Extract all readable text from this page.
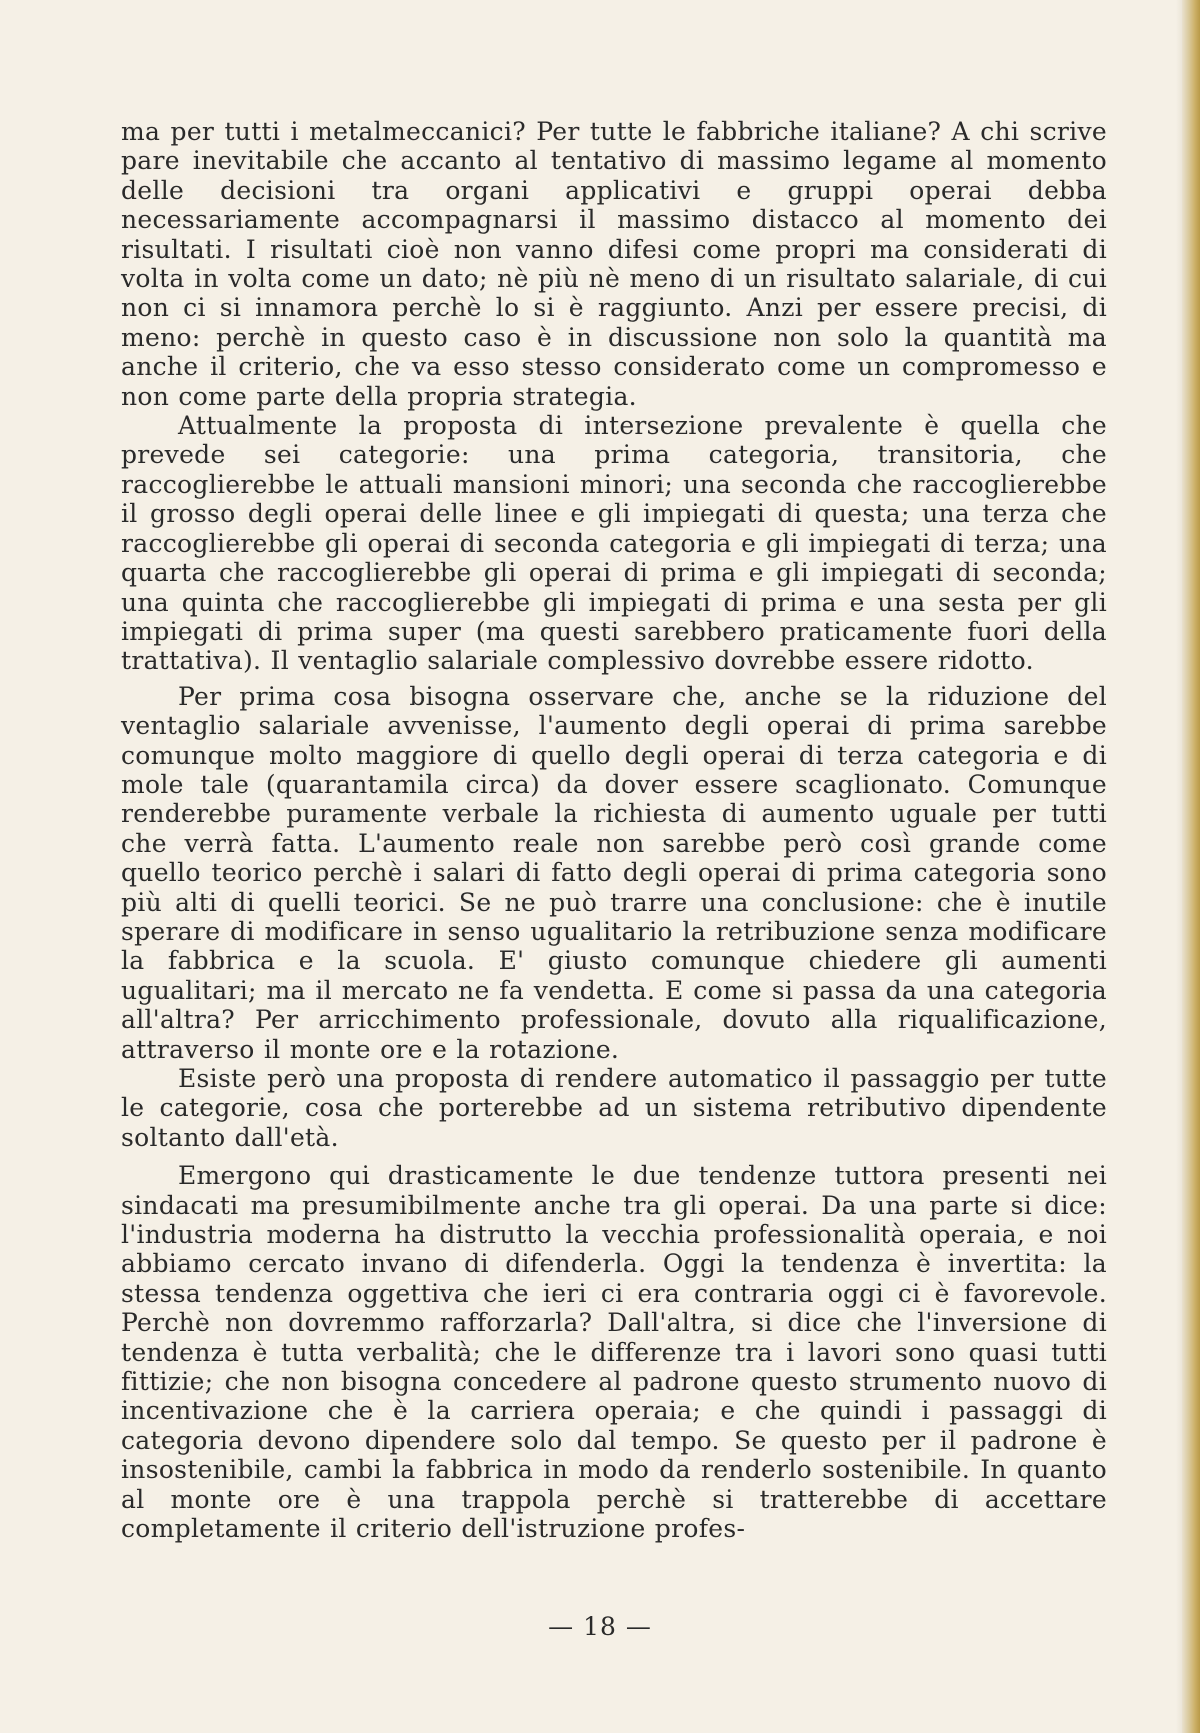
ma per tutti i metalmeccanici? Per tutte le fabbriche italiane? A chi scrive pare inevitabile che accanto al tentativo di massimo legame al momento delle decisioni tra organi applicativi e gruppi operai debba necessariamente accompagnarsi il massimo distacco al momento dei risultati. I risultati cioè non vanno difesi come propri ma considerati di volta in volta come un dato; nè più nè meno di un risultato salariale, di cui non ci si innamora perchè lo si è raggiunto. Anzi per essere precisi, di meno: perchè in questo caso è in discussione non solo la quantità ma anche il criterio, che va esso stesso considerato come un compromesso e non come parte della propria strategia.

Attualmente la proposta di intersezione prevalente è quella che prevede sei categorie: una prima categoria, transitoria, che raccoglierebbe le attuali mansioni minori; una seconda che raccoglierebbe il grosso degli operai delle linee e gli impiegati di questa; una terza che raccoglierebbe gli operai di seconda categoria e gli impiegati di terza; una quarta che raccoglierebbe gli operai di prima e gli impiegati di seconda; una quinta che raccoglierebbe gli impiegati di prima e una sesta per gli impiegati di prima super (ma questi sarebbero praticamente fuori della trattativa). Il ventaglio salariale complessivo dovrebbe essere ridotto.

Per prima cosa bisogna osservare che, anche se la riduzione del ventaglio salariale avvenisse, l'aumento degli operai di prima sarebbe comunque molto maggiore di quello degli operai di terza categoria e di mole tale (quarantamila circa) da dover essere scaglionato. Comunque renderebbe puramente verbale la richiesta di aumento uguale per tutti che verrà fatta. L'aumento reale non sarebbe però così grande come quello teorico perchè i salari di fatto degli operai di prima categoria sono più alti di quelli teorici. Se ne può trarre una conclusione: che è inutile sperare di modificare in senso ugualitario la retribuzione senza modificare la fabbrica e la scuola. E' giusto comunque chiedere gli aumenti ugualitari; ma il mercato ne fa vendetta. E come si passa da una categoria all'altra? Per arricchimento professionale, dovuto alla riqualificazione, attraverso il monte ore e la rotazione.

Esiste però una proposta di rendere automatico il passaggio per tutte le categorie, cosa che porterebbe ad un sistema retributivo dipendente soltanto dall'età.

Emergono qui drasticamente le due tendenze tuttora presenti nei sindacati ma presumibilmente anche tra gli operai. Da una parte si dice: l'industria moderna ha distrutto la vecchia professionalità operaia, e noi abbiamo cercato invano di difenderla. Oggi la tendenza è invertita: la stessa tendenza oggettiva che ieri ci era contraria oggi ci è favorevole. Perchè non dovremmo rafforzarla? Dall'altra, si dice che l'inversione di tendenza è tutta verbalità; che le differenze tra i lavori sono quasi tutti fittizie; che non bisogna concedere al padrone questo strumento nuovo di incentivazione che è la carriera operaia; e che quindi i passaggi di categoria devono dipendere solo dal tempo. Se questo per il padrone è insostenibile, cambi la fabbrica in modo da renderlo sostenibile. In quanto al monte ore è una trappola perchè si tratterebbe di accettare completamente il criterio dell'istruzione profes-

— 18 —
